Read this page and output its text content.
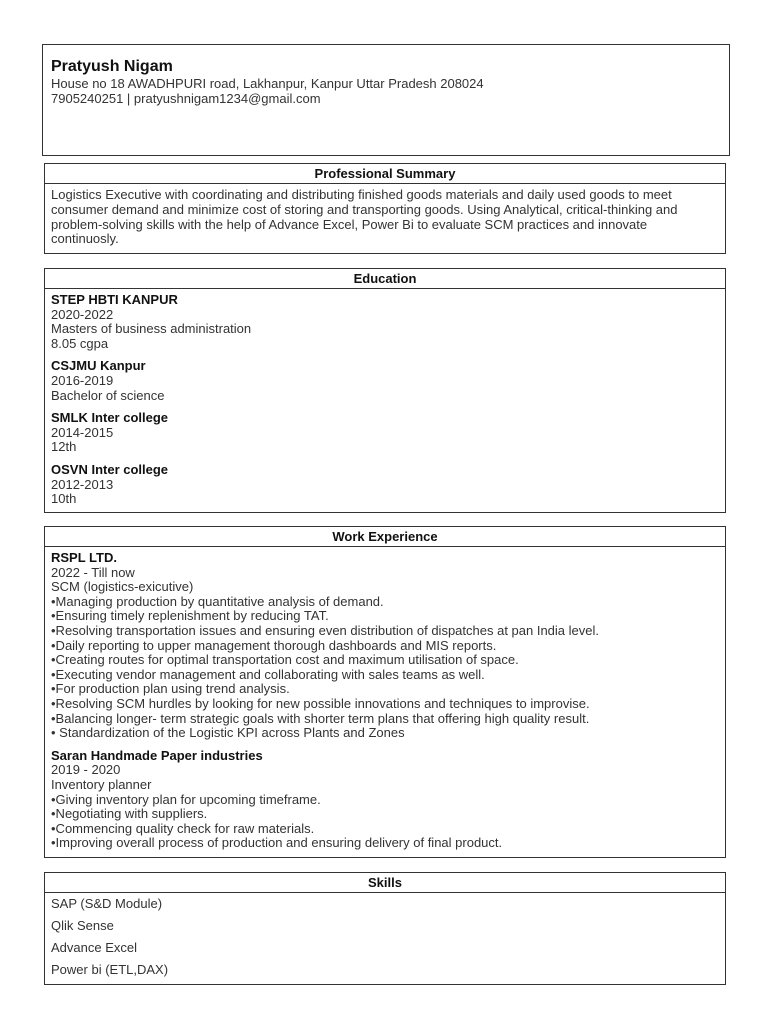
Pratyush Nigam
House no 18 AWADHPURI road, Lakhanpur, Kanpur Uttar Pradesh 208024
7905240251 | pratyushnigam1234@gmail.com
Professional Summary
Logistics Executive with coordinating and distributing finished goods materials and daily used goods to meet
consumer demand and minimize cost of storing and transporting goods. Using Analytical, critical-thinking and
problem-solving skills with the help of Advance Excel, Power Bi to evaluate SCM practices and innovate
continuosly.
Education
STEP HBTI KANPUR
2020-2022
Masters of business administration
8.05 cgpa
CSJMU Kanpur
2016-2019
Bachelor of science
SMLK Inter college
2014-2015
12th
OSVN Inter college
2012-2013
10th
Work Experience
RSPL LTD.
2022 - Till now
SCM (logistics-exicutive)
•Managing production by quantitative analysis of demand.
•Ensuring timely replenishment by reducing TAT.
•Resolving transportation issues and ensuring even distribution of dispatches at pan India level.
•Daily reporting to upper management thorough dashboards and MIS reports.
•Creating routes for optimal transportation cost and maximum utilisation of space.
•Executing vendor management and collaborating with sales teams as well.
•For production plan using trend analysis.
•Resolving SCM hurdles by looking for new possible innovations and techniques to improvise.
•Balancing longer- term strategic goals with shorter term plans that offering high quality result.
• Standardization of the Logistic KPI across Plants and Zones
Saran Handmade Paper industries
2019 - 2020
Inventory planner
•Giving inventory plan for upcoming timeframe.
•Negotiating with suppliers.
•Commencing quality check for raw materials.
•Improving overall process of production and ensuring delivery of final product.
Skills
SAP (S&D Module)
Qlik Sense
Advance Excel
Power bi (ETL,DAX)
